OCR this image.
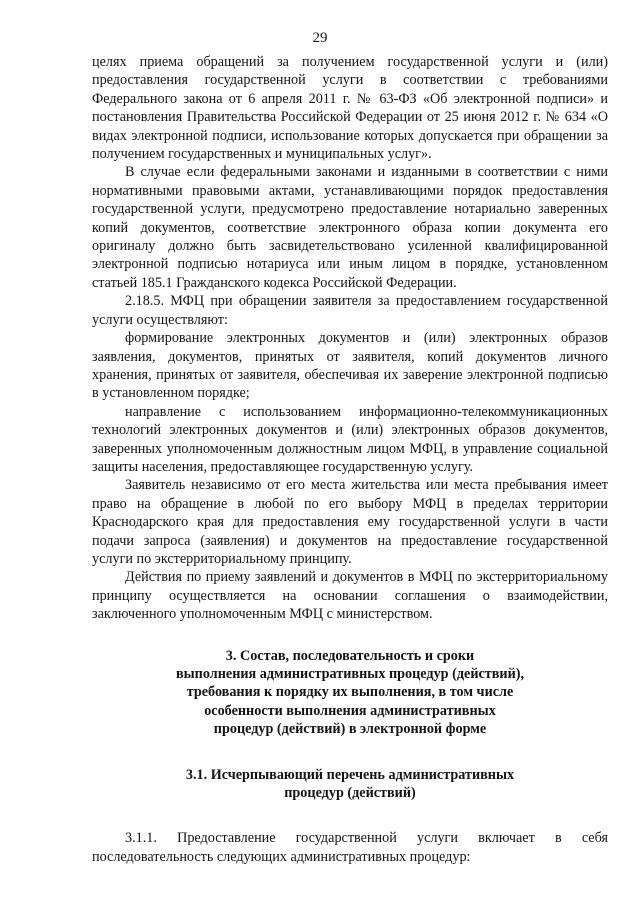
29

целях приема обращений за получением государственной услуги и (или) предоставления государственной услуги в соответствии с требованиями Федерального закона от 6 апреля 2011 г. № 63-ФЗ «Об электронной подписи» и постановления Правительства Российской Федерации от 25 июня 2012 г. № 634 «О видах электронной подписи, использование которых допускается при обращении за получением государственных и муниципальных услуг».

В случае если федеральными законами и изданными в соответствии с ними нормативными правовыми актами, устанавливающими порядок предоставления государственной услуги, предусмотрено предоставление нотариально заверенных копий документов, соответствие электронного образа копии документа его оригиналу должно быть засвидетельствовано усиленной квалифицированной электронной подписью нотариуса или иным лицом в порядке, установленном статьей 185.1 Гражданского кодекса Российской Федерации.

2.18.5. МФЦ при обращении заявителя за предоставлением государственной услуги осуществляют:

формирование электронных документов и (или) электронных образов заявления, документов, принятых от заявителя, копий документов личного хранения, принятых от заявителя, обеспечивая их заверение электронной подписью в установленном порядке;

направление с использованием информационно-телекоммуникационных технологий электронных документов и (или) электронных образов документов, заверенных уполномоченным должностным лицом МФЦ, в управление социальной защиты населения, предоставляющее государственную услугу.

Заявитель независимо от его места жительства или места пребывания имеет право на обращение в любой по его выбору МФЦ в пределах территории Краснодарского края для предоставления ему государственной услуги в части подачи запроса (заявления) и документов на предоставление государственной услуги по экстерриториальному принципу.

Действия по приему заявлений и документов в МФЦ по экстерриториальному принципу осуществляется на основании соглашения о взаимодействии, заключенного уполномоченным МФЦ с министерством.

3. Состав, последовательность и сроки
выполнения административных процедур (действий),
требования к порядку их выполнения, в том числе
особенности выполнения административных
процедур (действий) в электронной форме
3.1. Исчерпывающий перечень административных
процедур (действий)

3.1.1. Предоставление государственной услуги включает в себя последовательность следующих административных процедур:
